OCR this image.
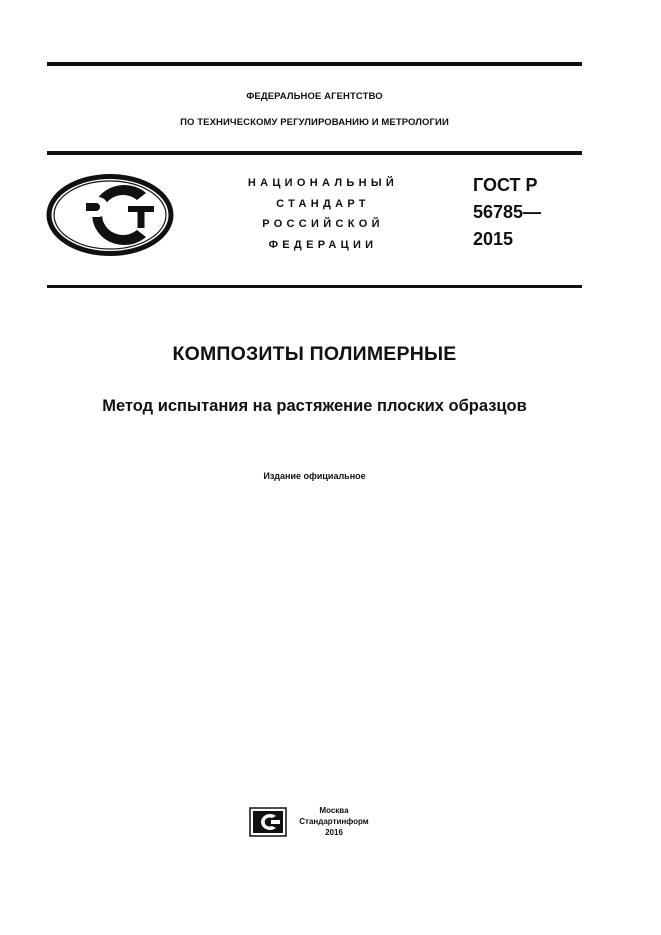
ФЕДЕРАЛЬНОЕ АГЕНТСТВО
ПО ТЕХНИЧЕСКОМУ РЕГУЛИРОВАНИЮ И МЕТРОЛОГИИ
НАЦИОНАЛЬНЫЙ
СТАНДАРТ
РОССИЙСКОЙ
ФЕДЕРАЦИИ
ГОСТ Р
56785—
2015
КОМПОЗИТЫ ПОЛИМЕРНЫЕ
Метод испытания на растяжение плоских образцов
Издание официальное
Москва
Стандартинформ
2016
